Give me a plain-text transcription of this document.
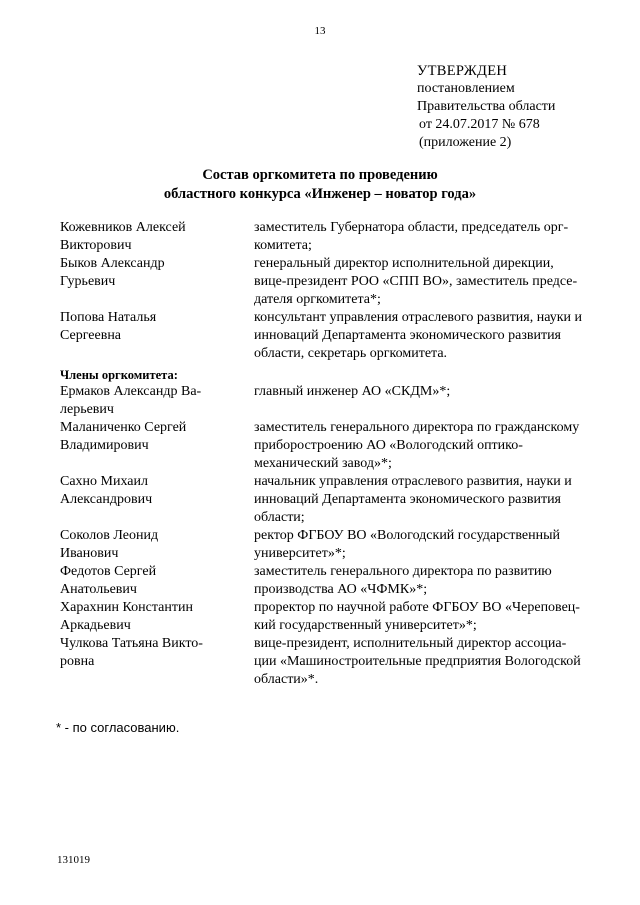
13
УТВЕРЖДЕН
постановлением
Правительства области
от 24.07.2017 № 678
(приложение 2)
Состав оргкомитета по проведению
областного конкурса «Инженер – новатор года»
Кожевников Алексей
Викторович
заместитель Губернатора области, председатель орг-
комитета;
Быков Александр
Гурьевич
генеральный директор исполнительной дирекции,
вице-президент РОО «СПП ВО», заместитель предсе-
дателя оргкомитета*;
Попова Наталья
Сергеевна
консультант управления отраслевого развития, науки и
инноваций Департамента экономического развития
области, секретарь оргкомитета.
Члены оргкомитета:
Ермаков Александр Ва-
лерьевич
главный инженер АО «СКДМ»*;
Маланиченко Сергей
Владимирович
заместитель генерального директора по гражданскому
приборостроению АО «Вологодский оптико-
механический завод»*;
Сахно Михаил
Александрович
начальник управления отраслевого развития, науки и
инноваций Департамента экономического развития
области;
Соколов Леонид
Иванович
ректор ФГБОУ ВО «Вологодский государственный
университет»*;
Федотов Сергей
Анатольевич
заместитель генерального директора по развитию
производства АО «ЧФМК»*;
Харахнин Константин
Аркадьевич
проректор по научной работе ФГБОУ ВО «Череповец-
кий государственный университет»*;
Чулкова Татьяна Викто-
ровна
вице-президент, исполнительный директор ассоциа-
ции «Машиностроительные предприятия Вологодской
области»*.
* - по согласованию.
131019
